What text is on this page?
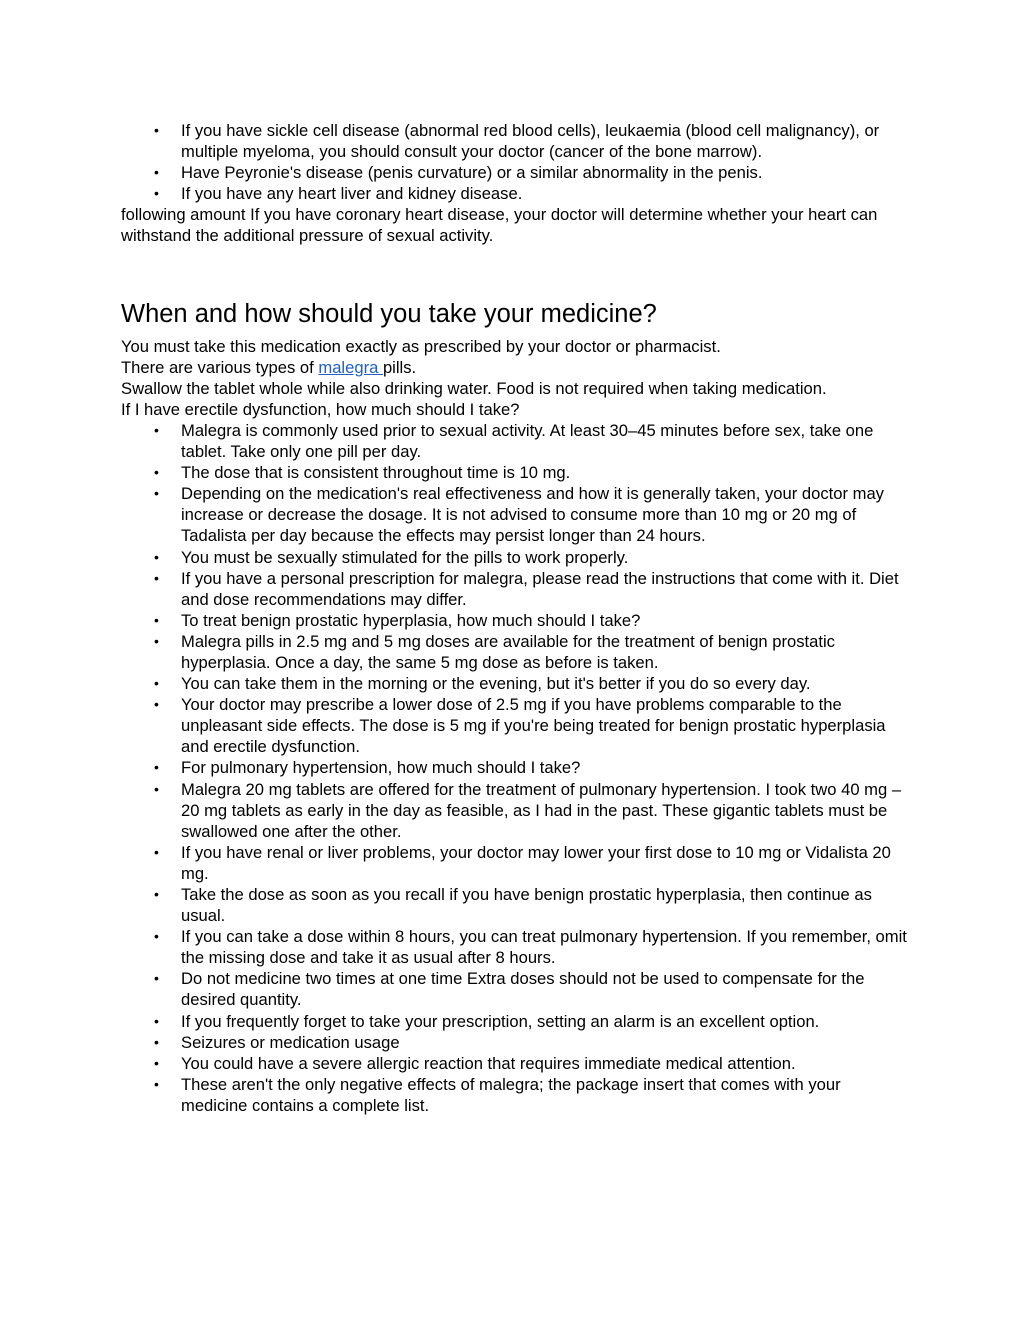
• If you have sickle cell disease (abnormal red blood cells), leukaemia (blood cell malignancy), or multiple myeloma, you should consult your doctor (cancer of the bone marrow).
• Have Peyronie's disease (penis curvature) or a similar abnormality in the penis.
• If you have any heart liver and kidney disease.

following amount If you have coronary heart disease, your doctor will determine whether your heart can withstand the additional pressure of sexual activity.

When and how should you take your medicine?

You must take this medication exactly as prescribed by your doctor or pharmacist.

There are various types of malegra pills.

Swallow the tablet whole while also drinking water. Food is not required when taking medication.

If I have erectile dysfunction, how much should I take?

• Malegra is commonly used prior to sexual activity. At least 30–45 minutes before sex, take one tablet. Take only one pill per day.
• The dose that is consistent throughout time is 10 mg.
• Depending on the medication's real effectiveness and how it is generally taken, your doctor may increase or decrease the dosage. It is not advised to consume more than 10 mg or 20 mg of Tadalista per day because the effects may persist longer than 24 hours.
• You must be sexually stimulated for the pills to work properly.
• If you have a personal prescription for malegra, please read the instructions that come with it. Diet and dose recommendations may differ.
• To treat benign prostatic hyperplasia, how much should I take?
• Malegra pills in 2.5 mg and 5 mg doses are available for the treatment of benign prostatic hyperplasia. Once a day, the same 5 mg dose as before is taken.
• You can take them in the morning or the evening, but it's better if you do so every day.
• Your doctor may prescribe a lower dose of 2.5 mg if you have problems comparable to the unpleasant side effects. The dose is 5 mg if you're being treated for benign prostatic hyperplasia and erectile dysfunction.
• For pulmonary hypertension, how much should I take?
• Malegra 20 mg tablets are offered for the treatment of pulmonary hypertension. I took two 40 mg – 20 mg tablets as early in the day as feasible, as I had in the past. These gigantic tablets must be swallowed one after the other.
• If you have renal or liver problems, your doctor may lower your first dose to 10 mg or Vidalista 20 mg.
• Take the dose as soon as you recall if you have benign prostatic hyperplasia, then continue as usual.
• If you can take a dose within 8 hours, you can treat pulmonary hypertension. If you remember, omit the missing dose and take it as usual after 8 hours.
• Do not medicine two times at one time Extra doses should not be used to compensate for the desired quantity.
• If you frequently forget to take your prescription, setting an alarm is an excellent option.
• Seizures or medication usage
• You could have a severe allergic reaction that requires immediate medical attention.
• These aren't the only negative effects of malegra; the package insert that comes with your medicine contains a complete list.
